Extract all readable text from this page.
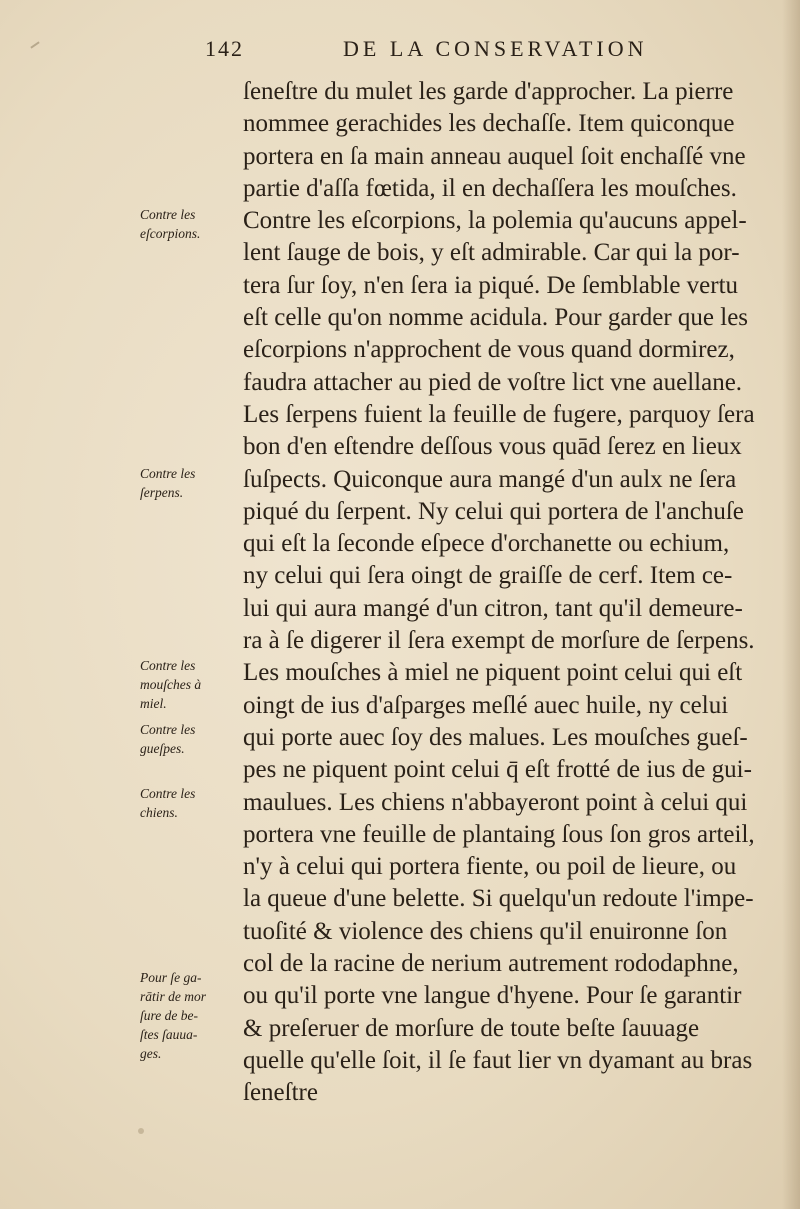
142	DE LA CONSERVATION
ſeneſtre du mulet les garde d'approcher. La pierre
nommee gerachides les dechaſſe. Item quiconque
portera en ſa main anneau auquel ſoit enchaſſé vne
partie d'aſſa fœtida, il en dechaſſera les mouſches.
Contre les eſcorpions, la polemia qu'aucuns appel-
lent ſauge de bois, y eſt admirable. Car qui la por-
tera ſur ſoy, n'en ſera ia piqué. De ſemblable vertu
eſt celle qu'on nomme acidula. Pour garder que les
eſcorpions n'approchent de vous quand dormirez,
faudra attacher au pied de voſtre lict vne auellane.
Les ſerpens fuient la feuille de fugere, parquoy ſera
bon d'en eſtendre deſſous vous quād ſerez en lieux
ſuſpects. Quiconque aura mangé d'un aulx ne ſera
piqué du ſerpent. Ny celui qui portera de l'anchuſe
qui eſt la ſeconde eſpece d'orchanette ou echium,
ny celui qui ſera oingt de graiſſe de cerf. Item ce-
lui qui aura mangé d'un citron, tant qu'il demeure-
ra à ſe digerer il ſera exempt de morſure de ſerpens.
Les mouſches à miel ne piquent point celui qui eſt
oingt de ius d'aſparges meſlé auec huile, ny celui
qui porte auec ſoy des malues. Les mouſches gueſ-
pes ne piquent point celui q̄ eſt frotté de ius de gui-
maulues. Les chiens n'abbayeront point à celui qui
portera vne feuille de plantaing ſous ſon gros arteil,
n'y à celui qui portera fiente, ou poil de lieure, ou
la queue d'une belette. Si quelqu'un redoute l'impe-
tuoſité & violence des chiens qu'il enuironne ſon
col de la racine de nerium autrement rododaphne,
ou qu'il porte vne langue d'hyene. Pour ſe garantir
& preſeruer de morſure de toute beſte ſauuage
quelle qu'elle ſoit, il ſe faut lier vn dyamant au bras
ſeneſtre
Contre les
eſcorpions.
Contre les
ſerpens.
Contre les
mouſches à
miel.
Contre les
gueſpes.
Contre les
chiens.
Pour ſe ga-
rātir de mor
ſure de be-
ſtes ſauua-
ges.
